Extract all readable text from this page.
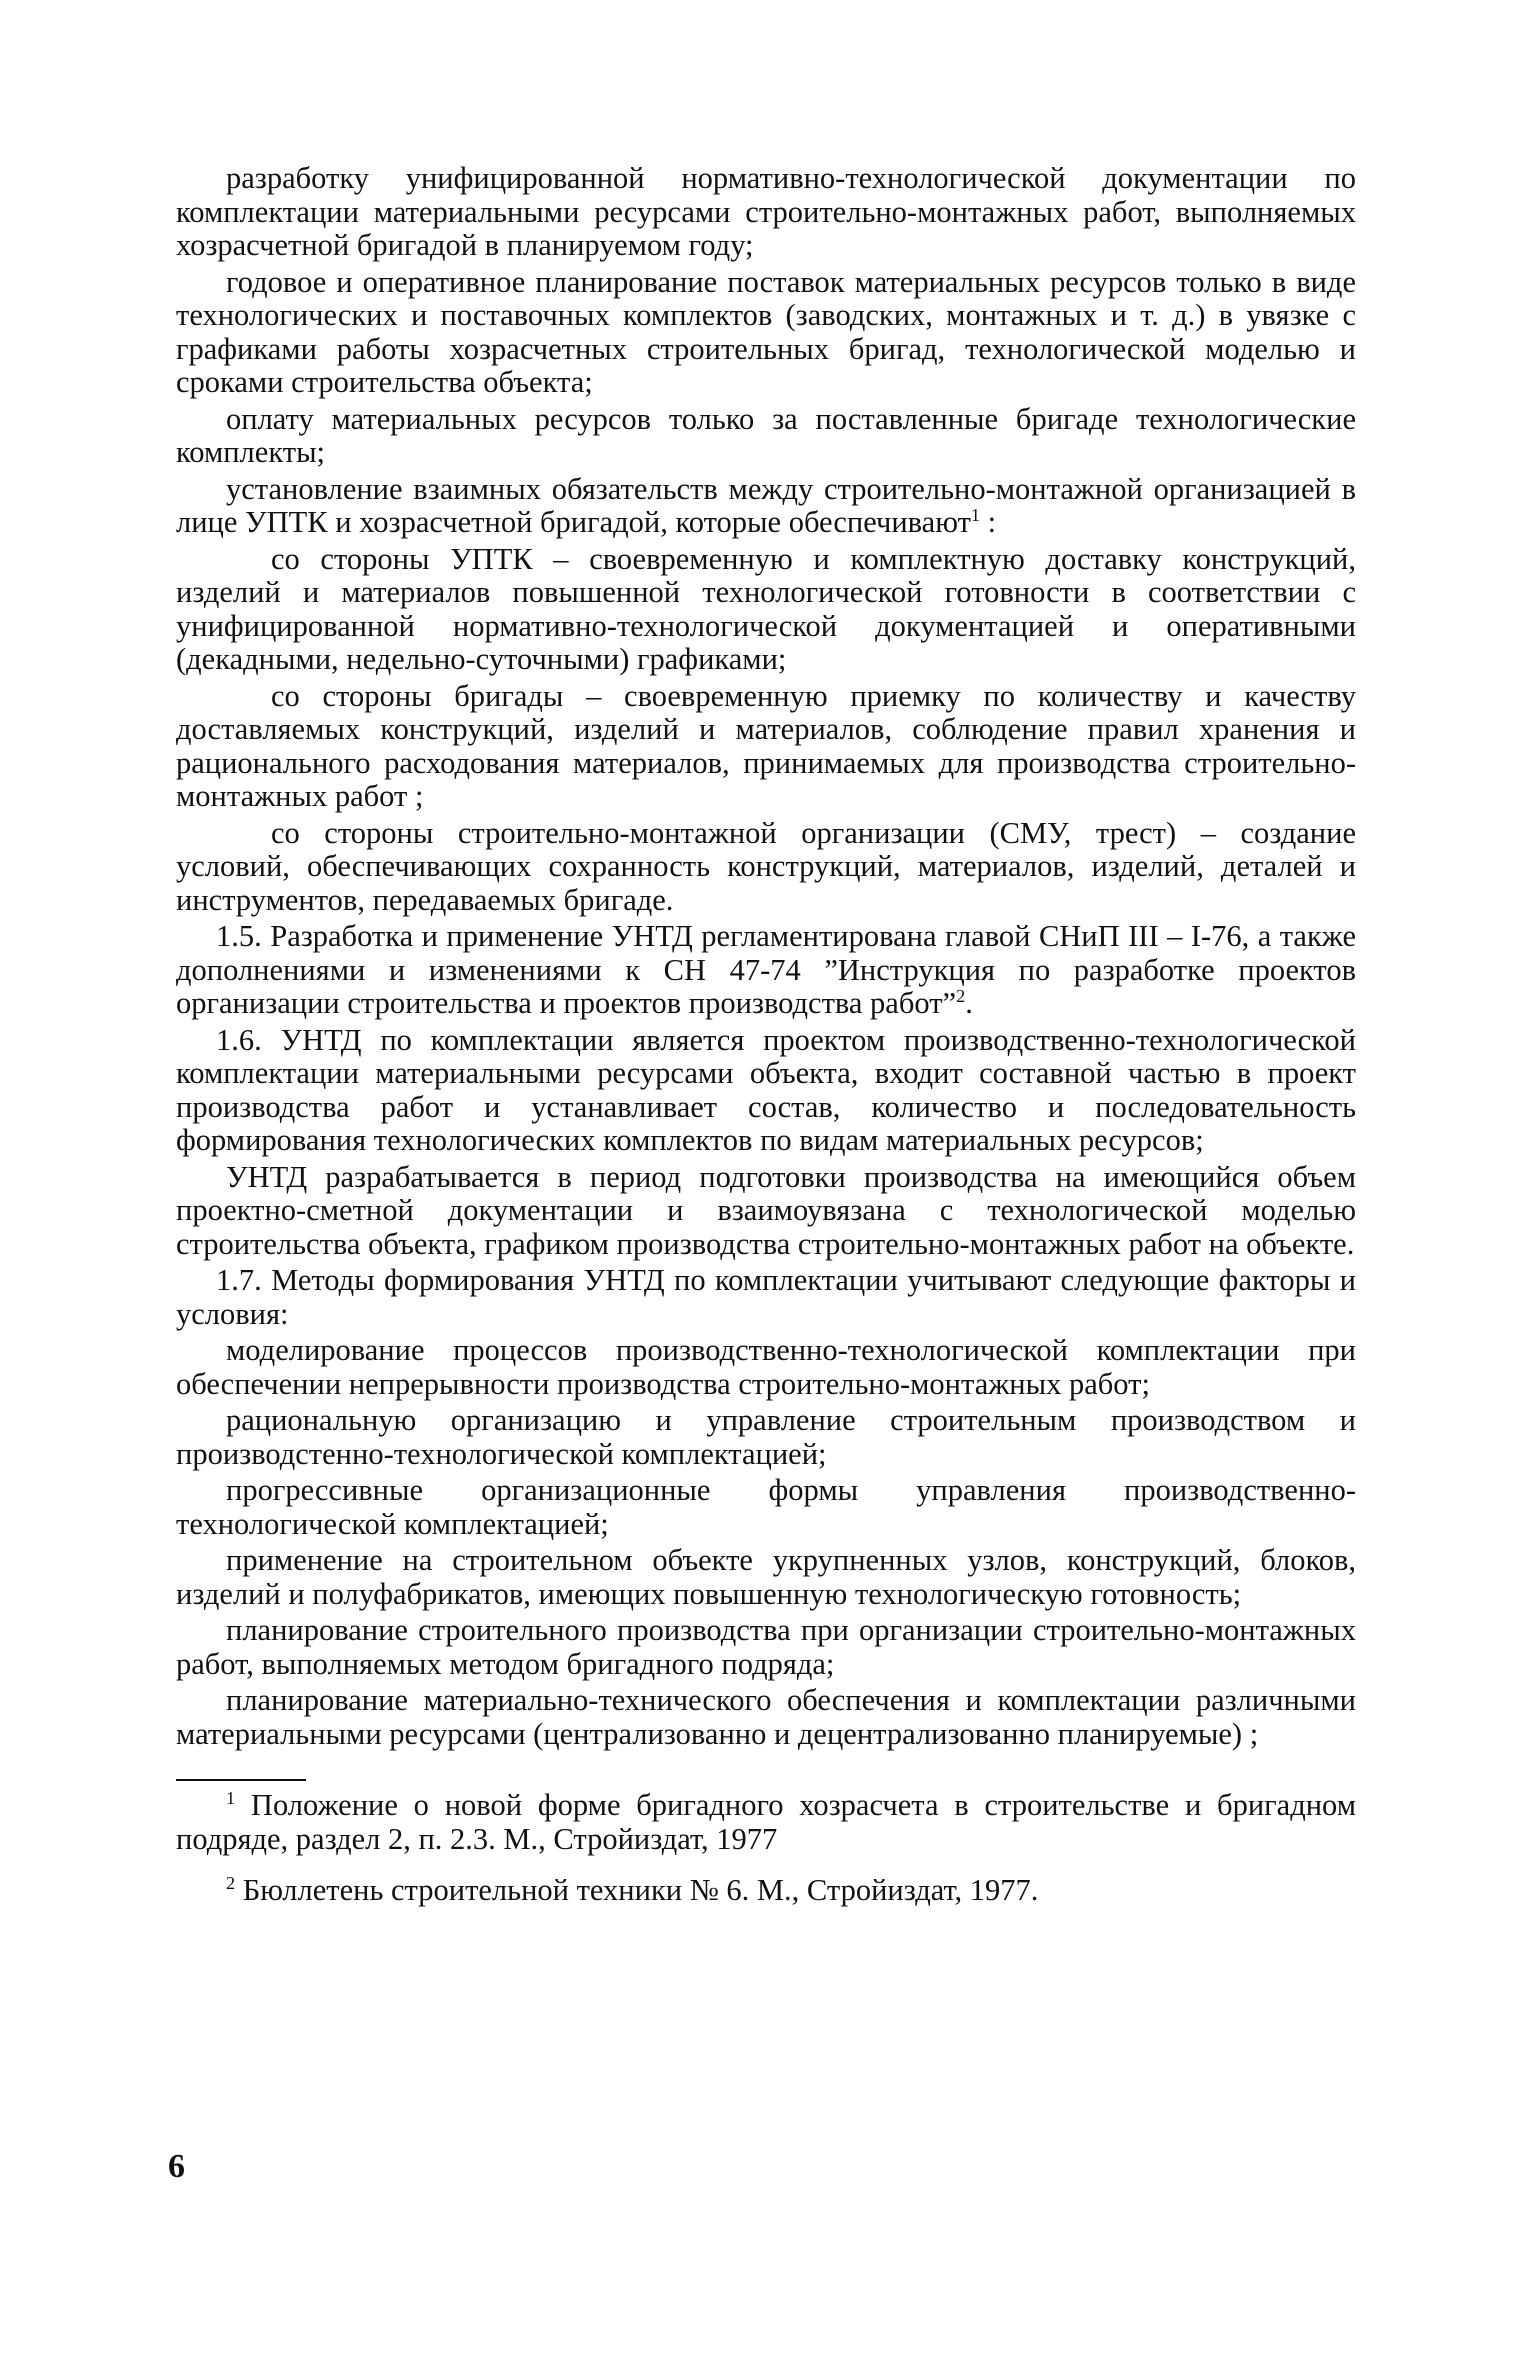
разработку унифицированной нормативно-технологической документации по комплектации материальными ресурсами строительно-монтажных работ, выполняемых хозрасчетной бригадой в планируемом году;

годовое и оперативное планирование поставок материальных ресурсов только в виде технологических и поставочных комплектов (заводских, монтажных и т. д.) в увязке с графиками работы хозрасчетных строительных бригад, технологической моделью и сроками строительства объекта;

оплату материальных ресурсов только за поставленные бригаде технологические комплекты;

установление взаимных обязательств между строительно-монтажной организацией в лице УПТК и хозрасчетной бригадой, которые обеспечивают$^1$ :

со стороны УПТК – своевременную и комплектную доставку конструкций, изделий и материалов повышенной технологической готовности в соответствии с унифицированной нормативно-технологической документацией и оперативными (декадными, недельно-суточными) графиками;

со стороны бригады – своевременную приемку по количеству и качеству доставляемых конструкций, изделий и материалов, соблюдение правил хранения и рационального расходования материалов, принимаемых для производства строительно-монтажных работ ;

со стороны строительно-монтажной организации (СМУ, трест) – создание условий, обеспечивающих сохранность конструкций, материалов, изделий, деталей и инструментов, передаваемых бригаде.

1.5. Разработка и применение УНТД регламентирована главой СНиП III – I-76, а также дополнениями и изменениями к СН 47-74 ”Инструкция по разработке проектов организации строительства и проектов производства работ”$^2$.

1.6. УНТД по комплектации является проектом производственно-технологической комплектации материальными ресурсами объекта, входит составной частью в проект производства работ и устанавливает состав, количество и последовательность формирования технологических комплектов по видам материальных ресурсов;

УНТД разрабатывается в период подготовки производства на имеющийся объем проектно-сметной документации и взаимоувязана с технологической моделью строительства объекта, графиком производства строительно-монтажных работ на объекте.

1.7. Методы формирования УНТД по комплектации учитывают следующие факторы и условия:

моделирование процессов производственно-технологической комплектации при обеспечении непрерывности производства строительно-монтажных работ;

рациональную организацию и управление строительным производством и производстенно-технологической комплектацией;

прогрессивные организационные формы управления производственно-технологической комплектацией;

применение на строительном объекте укрупненных узлов, конструкций, блоков, изделий и полуфабрикатов, имеющих повышенную технологическую готовность;

планирование строительного производства при организации строительно-монтажных работ, выполняемых методом бригадного подряда;

планирование материально-технического обеспечения и комплектации различными материальными ресурсами (централизованно и децентрализованно планируемые) ;

$^1$ Положение о новой форме бригадного хозрасчета в строительстве и бригадном подряде, раздел 2, п. 2.3. М., Стройиздат, 1977

$^2$ Бюллетень строительной техники № 6. М., Стройиздат, 1977.

6
